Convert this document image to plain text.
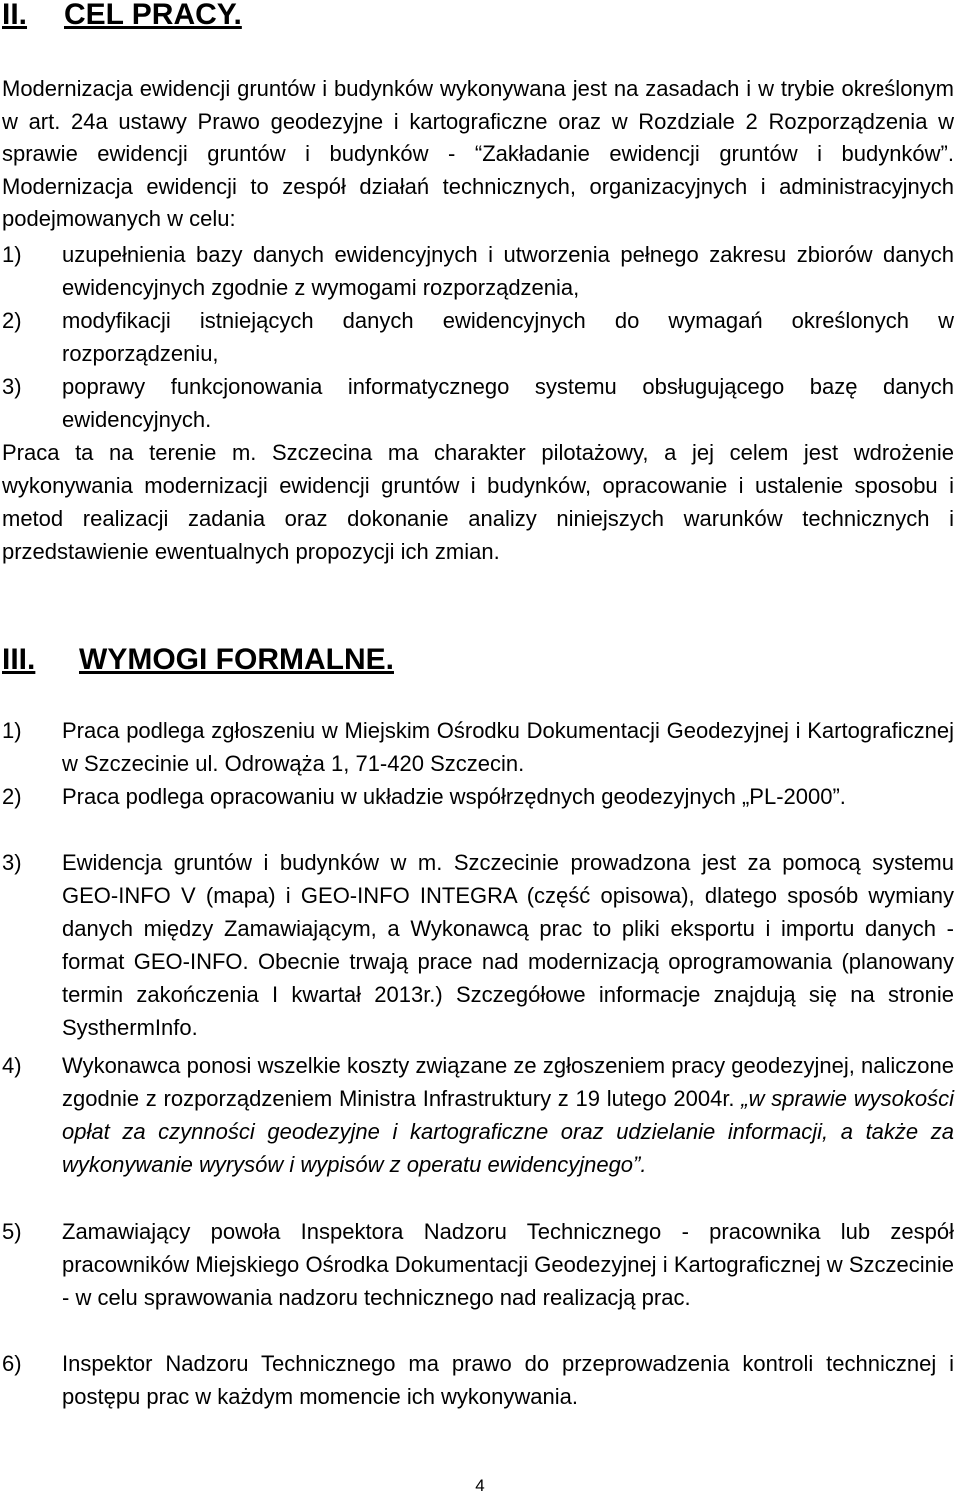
II. CEL PRACY.

Modernizacja ewidencji gruntów i budynków wykonywana jest na zasadach i w trybie określonym w art. 24a ustawy Prawo geodezyjne i kartograficzne oraz w Rozdziale 2 Rozporządzenia w sprawie ewidencji gruntów i budynków - “Zakładanie ewidencji gruntów i budynków”. Modernizacja ewidencji to zespół działań technicznych, organizacyjnych i administracyjnych podejmowanych w celu:

1) uzupełnienia bazy danych ewidencyjnych i utworzenia pełnego zakresu zbiorów danych ewidencyjnych zgodnie z wymogami rozporządzenia,
2) modyfikacji istniejących danych ewidencyjnych do wymagań określonych w rozporządzeniu,
3) poprawy funkcjonowania informatycznego systemu obsługującego bazę danych ewidencyjnych.

Praca ta na terenie m. Szczecina ma charakter pilotażowy, a jej celem jest wdrożenie wykonywania modernizacji ewidencji gruntów i budynków, opracowanie i ustalenie sposobu i metod realizacji zadania oraz dokonanie analizy niniejszych warunków technicznych i przedstawienie ewentualnych propozycji ich zmian.

III. WYMOGI FORMALNE.
1) Praca podlega zgłoszeniu w Miejskim Ośrodku Dokumentacji Geodezyjnej i Kartograficznej w Szczecinie ul. Odrowąża 1, 71-420 Szczecin.
2) Praca podlega opracowaniu w układzie współrzędnych geodezyjnych „PL-2000”.
3) Ewidencja gruntów i budynków w m. Szczecinie prowadzona jest za pomocą systemu GEO-INFO V (mapa) i GEO-INFO INTEGRA (część opisowa), dlatego sposób wymiany danych między Zamawiającym, a Wykonawcą prac to pliki eksportu i importu danych - format GEO-INFO. Obecnie trwają prace nad modernizacją oprogramowania (planowany termin zakończenia I kwartał 2013r.) Szczegółowe informacje znajdują się na stronie SysthermInfo.
4) Wykonawca ponosi wszelkie koszty związane ze zgłoszeniem pracy geodezyjnej, naliczone zgodnie z rozporządzeniem Ministra Infrastruktury z 19 lutego 2004r. „w sprawie wysokości opłat za czynności geodezyjne i kartograficzne oraz udzielanie informacji, a także za wykonywanie wyrysów i wypisów z operatu ewidencyjnego”.
5) Zamawiający powoła Inspektora Nadzoru Technicznego - pracownika lub zespół pracowników Miejskiego Ośrodka Dokumentacji Geodezyjnej i Kartograficznej w Szczecinie - w celu sprawowania nadzoru technicznego nad realizacją prac.
6) Inspektor Nadzoru Technicznego ma prawo do przeprowadzenia kontroli technicznej i postępu prac w każdym momencie ich wykonywania.
4
